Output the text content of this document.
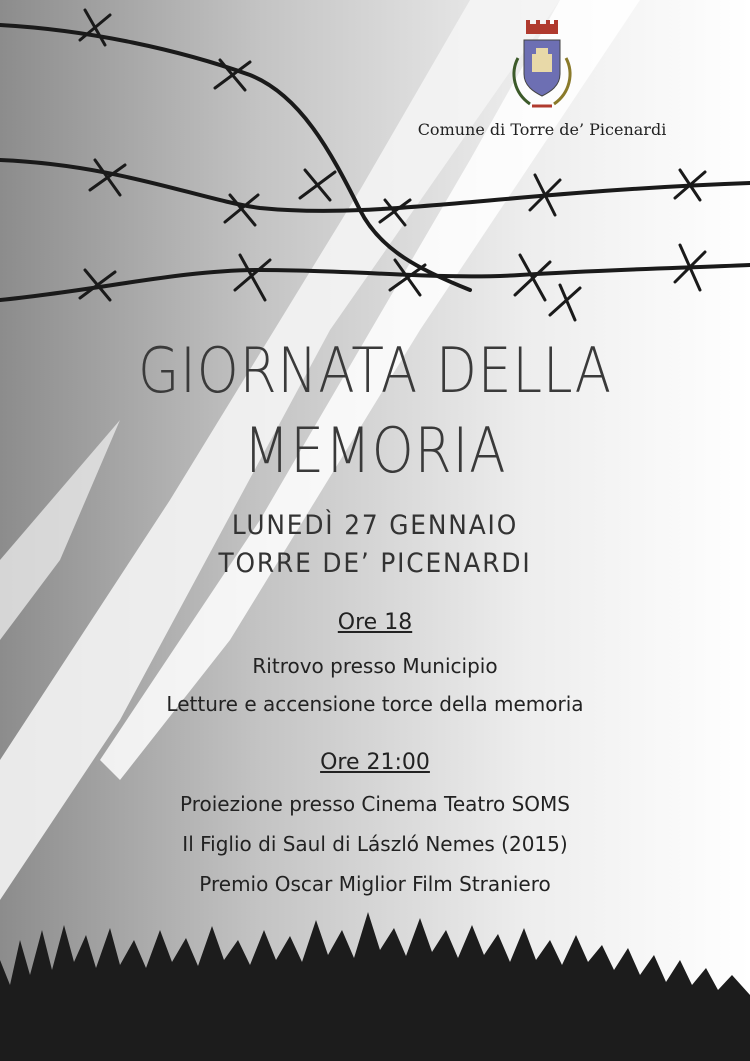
Comune di Torre de’ Picenardi
GIORNATA DELLA
MEMORIA
LUNEDÌ 27 GENNAIO
TORRE DE’ PICENARDI
Ore 18
Ritrovo presso Municipio
Letture e accensione torce della memoria
Ore 21:00
Proiezione presso Cinema Teatro SOMS
Il Figlio di Saul di László Nemes (2015)
Premio Oscar Miglior Film Straniero
